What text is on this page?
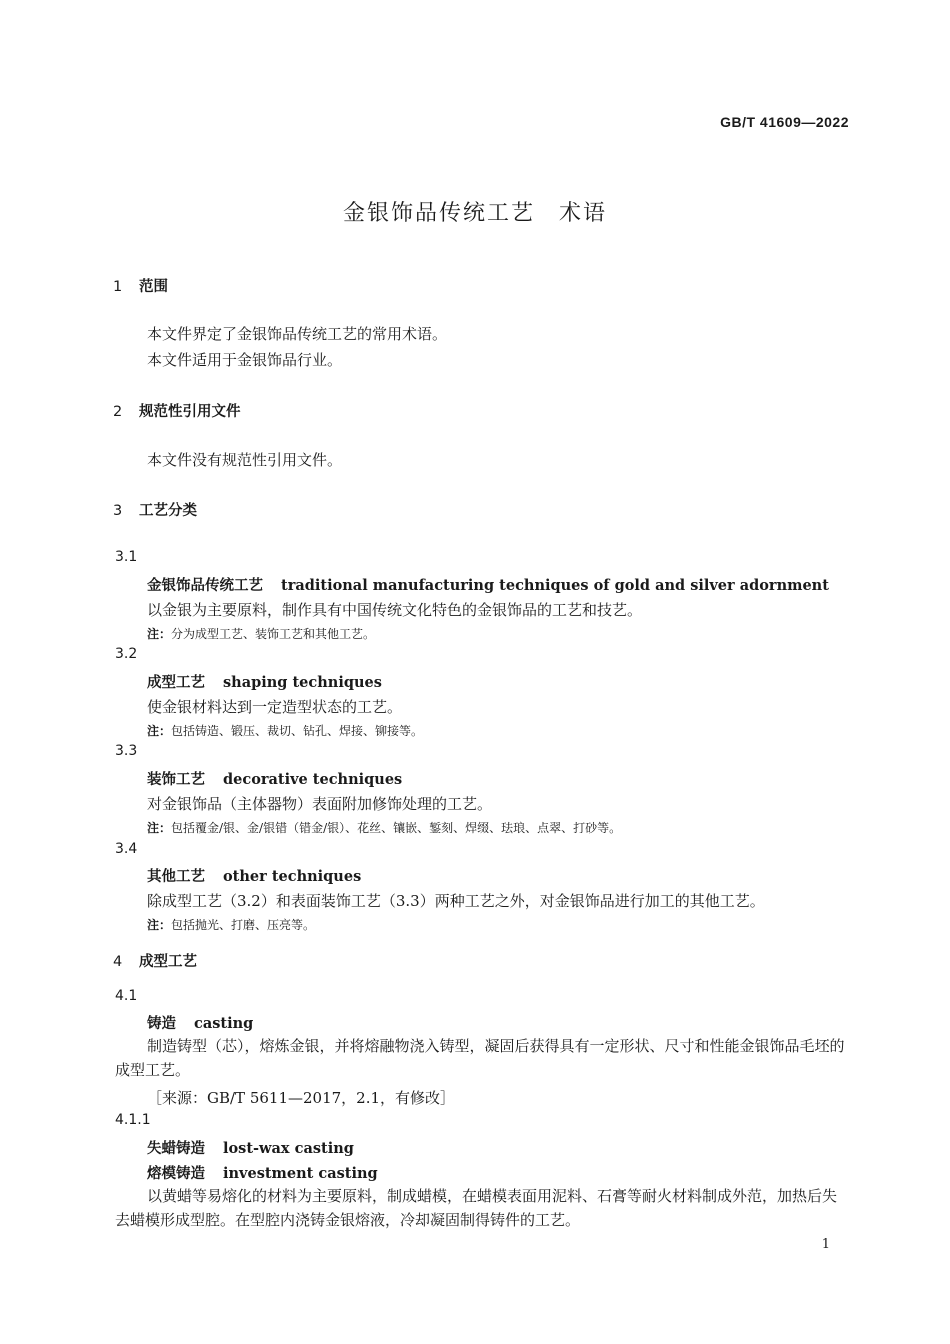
GB/T 41609—2022
金银饰品传统工艺　术语
1 范围
本文件界定了金银饰品传统工艺的常用术语。
本文件适用于金银饰品行业。
2 规范性引用文件
本文件没有规范性引用文件。
3 工艺分类
3.1
金银饰品传统工艺 traditional manufacturing techniques of gold and silver adornment
以金银为主要原料，制作具有中国传统文化特色的金银饰品的工艺和技艺。
注：分为成型工艺、装饰工艺和其他工艺。
3.2
成型工艺 shaping techniques
使金银材料达到一定造型状态的工艺。
注：包括铸造、锻压、裁切、钻孔、焊接、铆接等。
3.3
装饰工艺 decorative techniques
对金银饰品（主体器物）表面附加修饰处理的工艺。
注：包括覆金/银、金/银错（错金/银）、花丝、镶嵌、錾刻、焊缀、珐琅、点翠、打砂等。
3.4
其他工艺 other techniques
除成型工艺（3.2）和表面装饰工艺（3.3）两种工艺之外，对金银饰品进行加工的其他工艺。
注：包括抛光、打磨、压亮等。
4 成型工艺
4.1
铸造 casting
制造铸型（芯），熔炼金银，并将熔融物浇入铸型，凝固后获得具有一定形状、尺寸和性能金银饰品毛坯的成型工艺。
［来源：GB/T 5611—2017，2.1，有修改］
4.1.1
失蜡铸造 lost-wax casting
熔模铸造 investment casting
以黄蜡等易熔化的材料为主要原料，制成蜡模，在蜡模表面用泥料、石膏等耐火材料制成外范，加热后失去蜡模形成型腔。在型腔内浇铸金银熔液，冷却凝固制得铸件的工艺。
1
